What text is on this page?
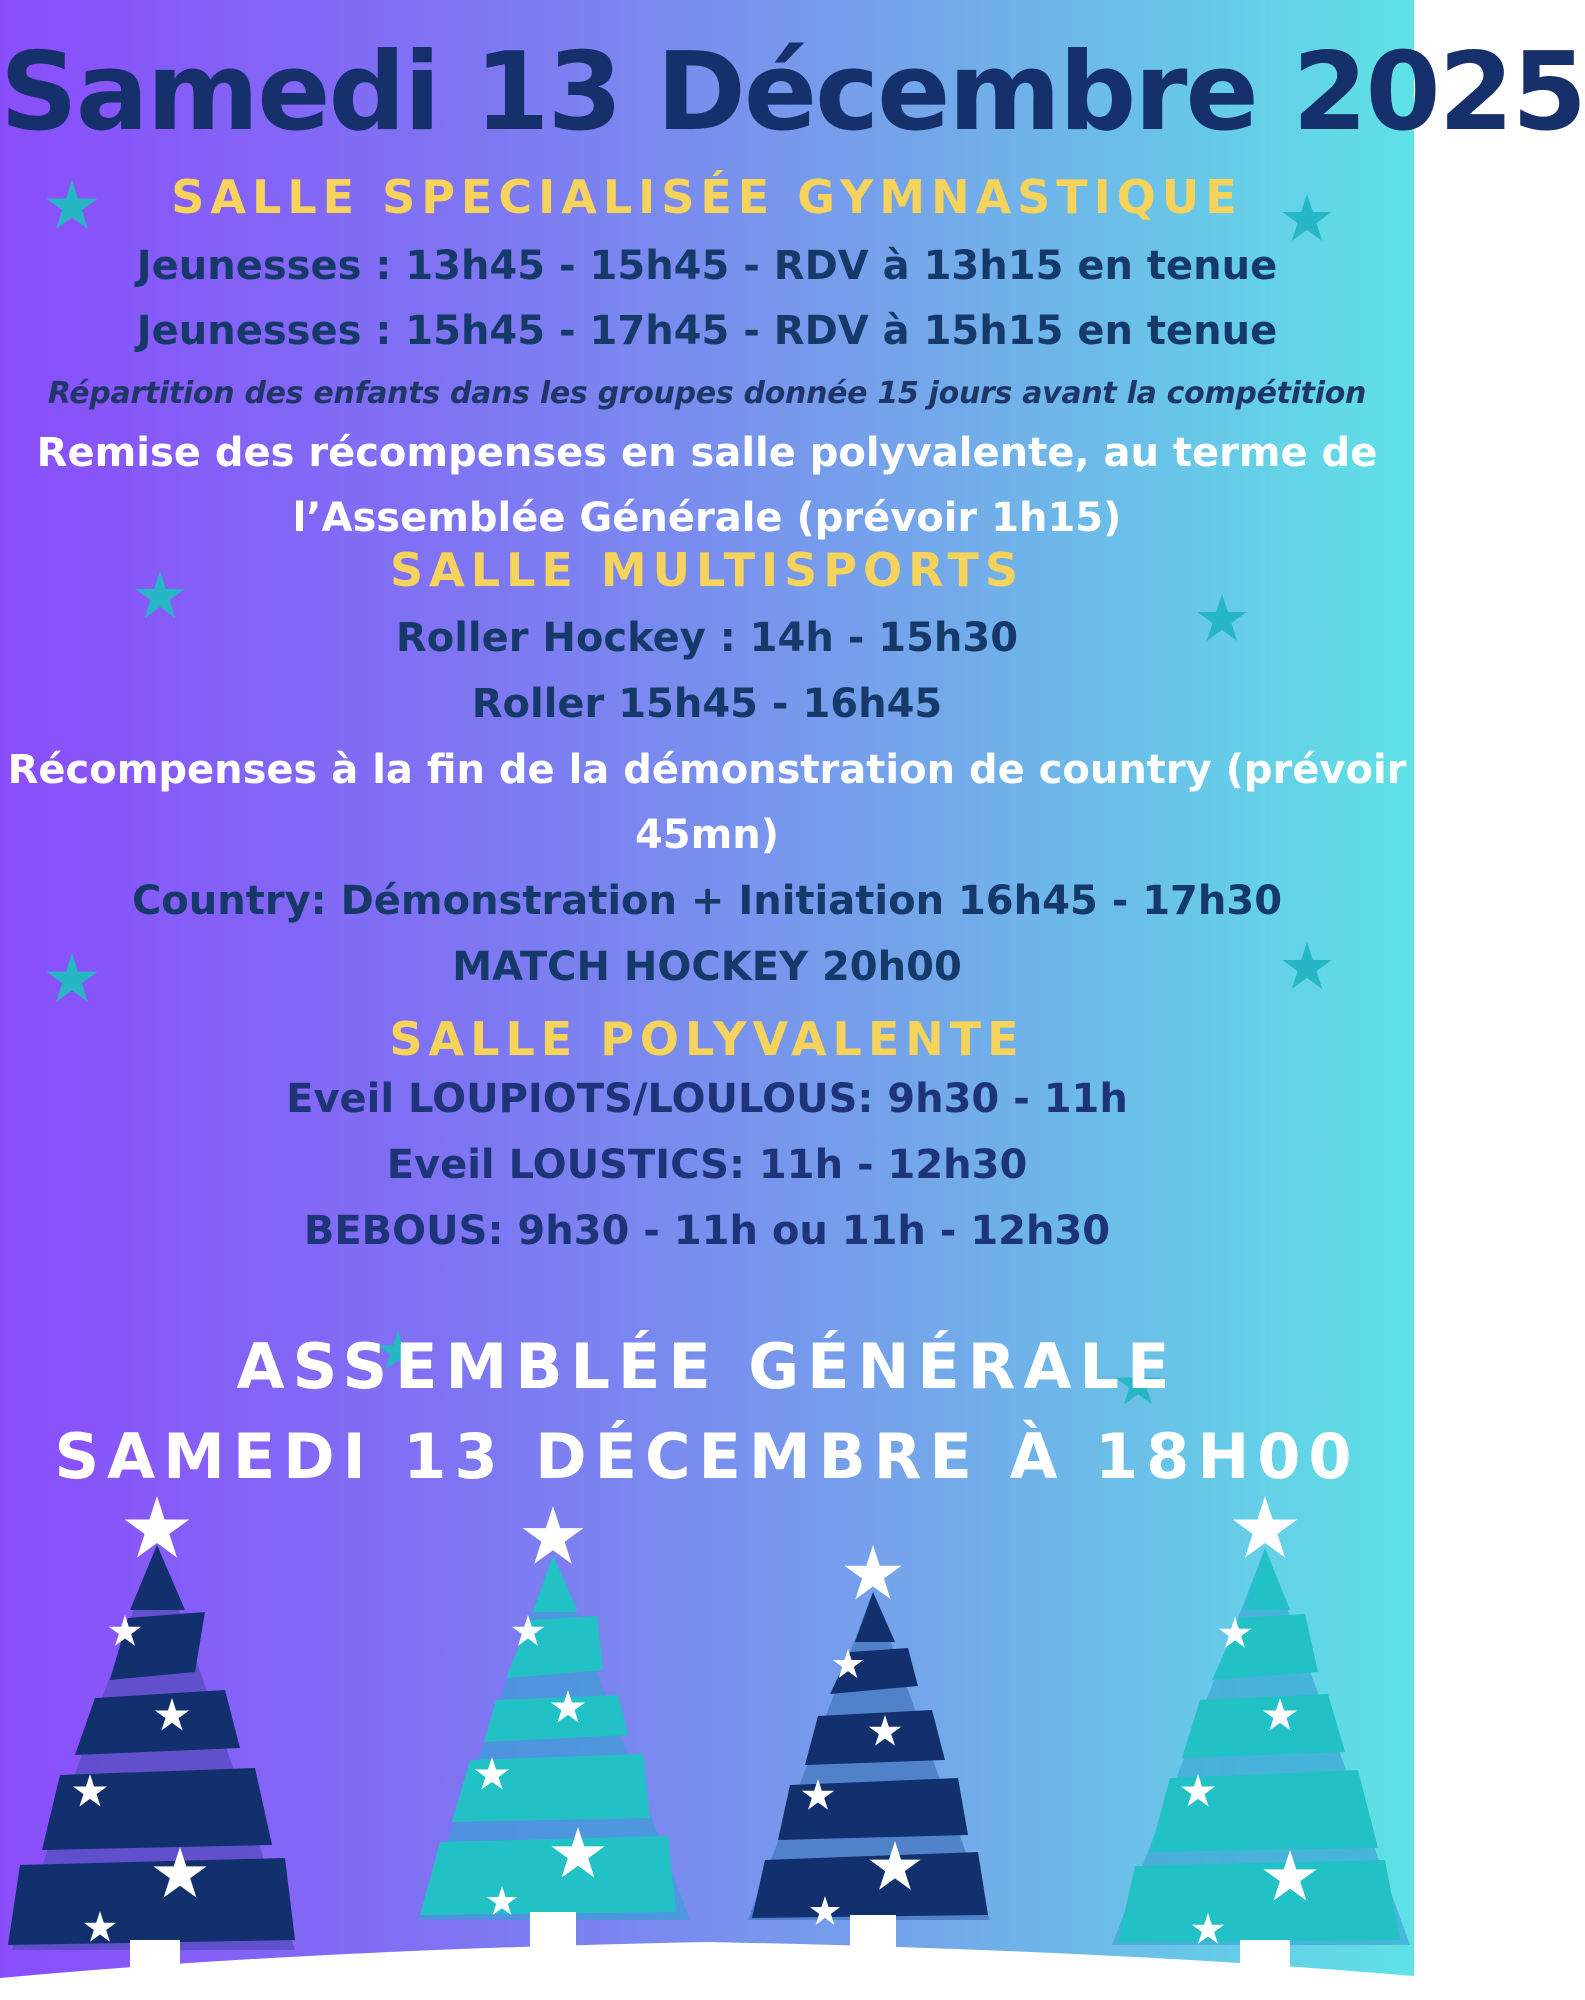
Samedi 13 Décembre 2025
SALLE SPECIALISÉE GYMNASTIQUE
Jeunesses : 13h45 - 15h45 - RDV à 13h15 en tenue
Jeunesses : 15h45 - 17h45 - RDV à 15h15 en tenue
Répartition des enfants dans les groupes donnée 15 jours avant la compétition
Remise des récompenses en salle polyvalente, au terme de
l’Assemblée Générale (prévoir 1h15)
SALLE MULTISPORTS
Roller Hockey : 14h - 15h30
Roller 15h45 - 16h45
Récompenses à la fin de la démonstration de country (prévoir
45mn)
Country: Démonstration + Initiation 16h45 - 17h30
MATCH HOCKEY 20h00
SALLE POLYVALENTE
Eveil LOUPIOTS/LOULOUS: 9h30 - 11h
Eveil LOUSTICS: 11h - 12h30
BEBOUS: 9h30 - 11h ou 11h - 12h30
ASSEMBLÉE GÉNÉRALE
SAMEDI 13 DÉCEMBRE À 18H00
